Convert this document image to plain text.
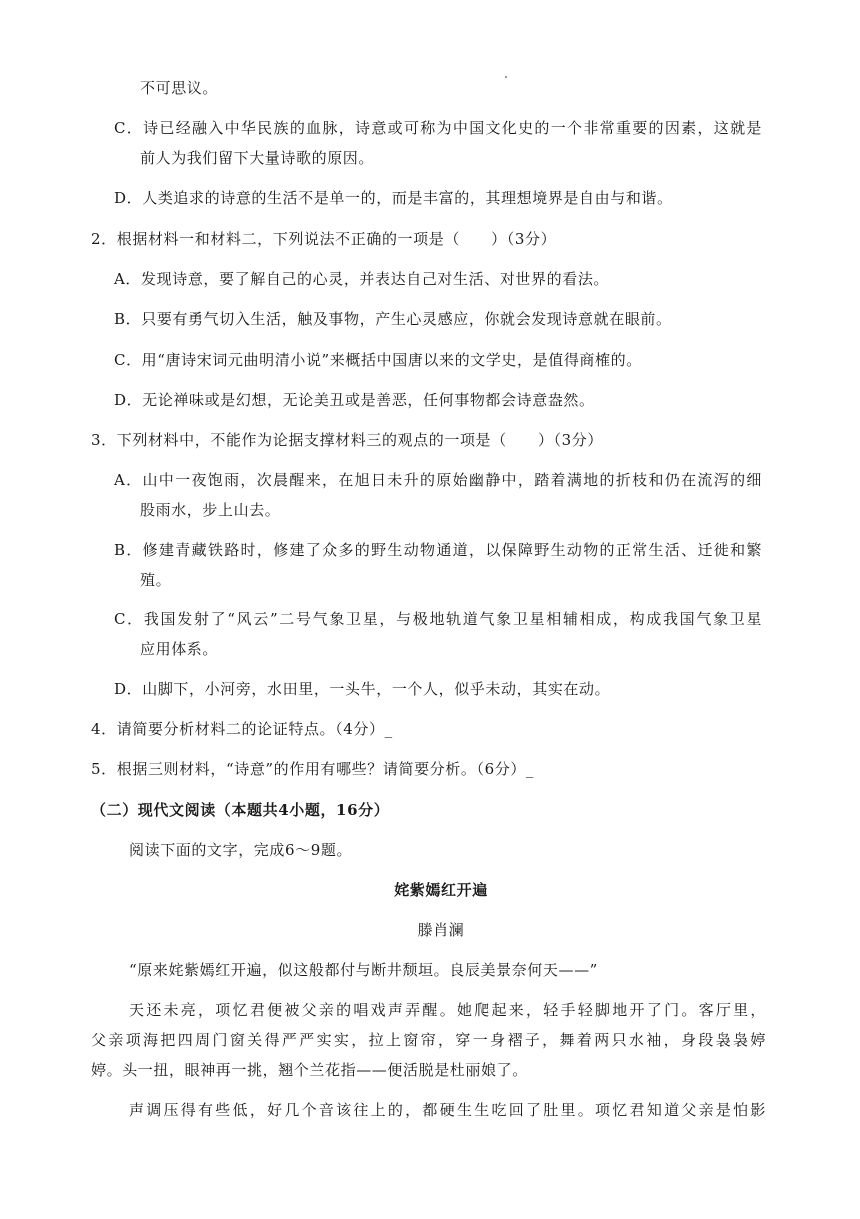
不可思议。
C．诗已经融入中华民族的血脉，诗意或可称为中国文化史的一个非常重要的因素，这就是
前人为我们留下大量诗歌的原因。
D．人类追求的诗意的生活不是单一的，而是丰富的，其理想境界是自由与和谐。
2．根据材料一和材料二，下列说法不正确的一项是（　　）（3分）
A．发现诗意，要了解自己的心灵，并表达自己对生活、对世界的看法。
B．只要有勇气切入生活，触及事物，产生心灵感应，你就会发现诗意就在眼前。
C．用“唐诗宋词元曲明清小说”来概括中国唐以来的文学史，是值得商榷的。
D．无论禅味或是幻想，无论美丑或是善恶，任何事物都会诗意盎然。
3．下列材料中，不能作为论据支撑材料三的观点的一项是（　　）（3分）
A．山中一夜饱雨，次晨醒来，在旭日未升的原始幽静中，踏着满地的折枝和仍在流泻的细
股雨水，步上山去。
B．修建青藏铁路时，修建了众多的野生动物通道，以保障野生动物的正常生活、迁徙和繁
殖。
C．我国发射了“风云”二号气象卫星，与极地轨道气象卫星相辅相成，构成我国气象卫星
应用体系。
D．山脚下，小河旁，水田里，一头牛，一个人，似乎未动，其实在动。
4．请简要分析材料二的论证特点。（4分）_
5．根据三则材料，“诗意”的作用有哪些？请简要分析。（6分）_
（二）现代文阅读（本题共4小题，16分）
阅读下面的文字，完成6～9题。
姹紫嫣红开遍
滕肖澜
“原来姹紫嫣红开遍，似这般都付与断井颓垣。良辰美景奈何天——”
天还未亮，项忆君便被父亲的唱戏声弄醒。她爬起来，轻手轻脚地开了门。客厅里，
父亲项海把四周门窗关得严严实实，拉上窗帘，穿一身褶子，舞着两只水袖，身段袅袅婷
婷。头一扭，眼神再一挑，翘个兰花指——便活脱是杜丽娘了。
声调压得有些低，好几个音该往上的，都硬生生吃回了肚里。项忆君知道父亲是怕影
